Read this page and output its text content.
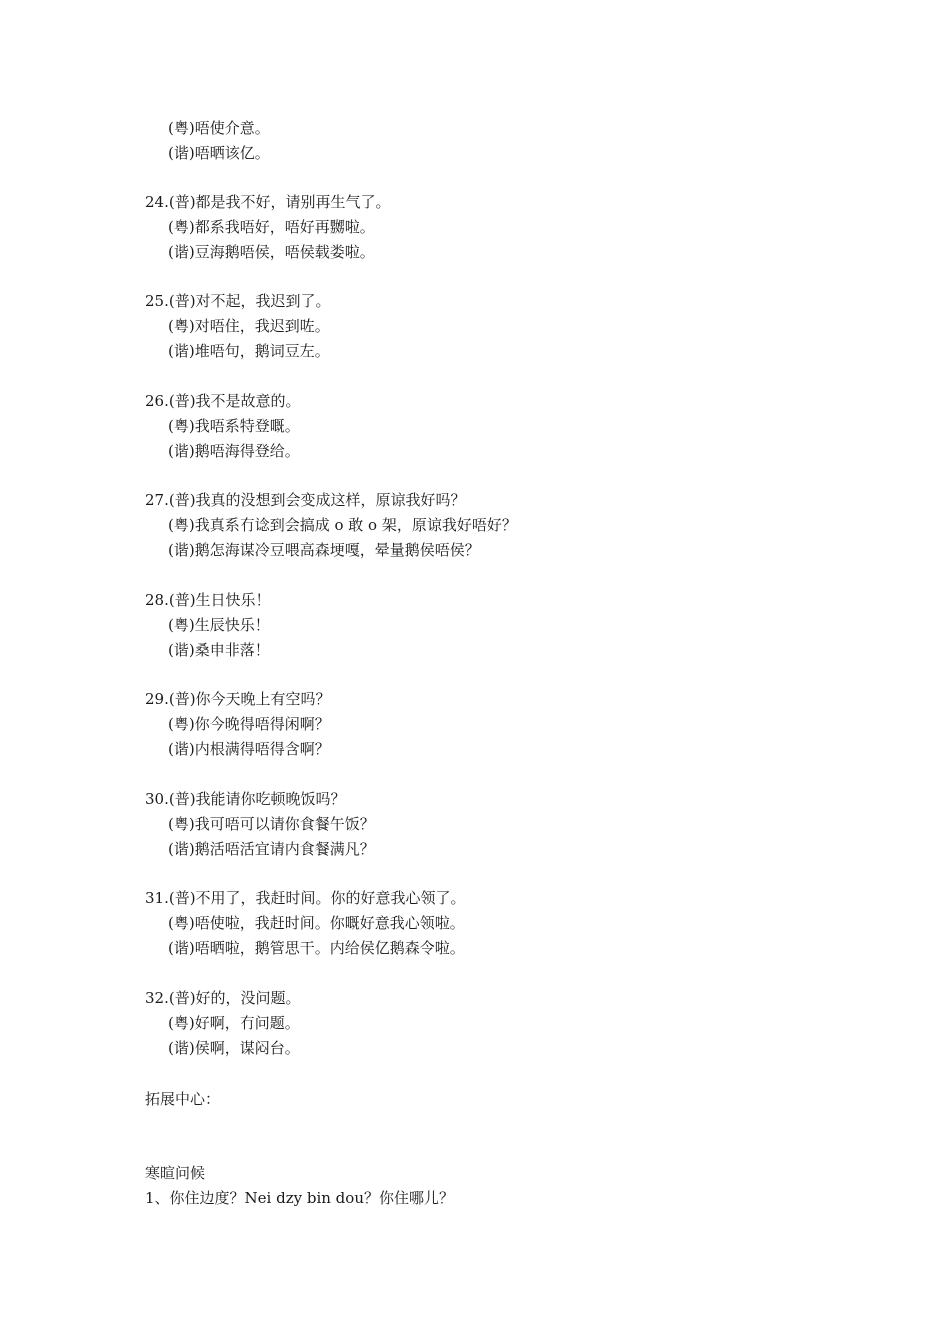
(粤)唔使介意。
(谐)唔晒该亿。
24.(普)都是我不好，请别再生气了。
(粤)都系我唔好，唔好再嬲啦。
(谐)豆海鹅唔侯，唔侯载娄啦。
25.(普)对不起，我迟到了。
(粤)对唔住，我迟到咗。
(谐)堆唔句，鹅词豆左。
26.(普)我不是故意的。
(粤)我唔系特登嘅。
(谐)鹅唔海得登给。
27.(普)我真的没想到会变成这样，原谅我好吗？
(粤)我真系冇谂到会搞成 o 敢 o 架，原谅我好唔好？
(谐)鹅怎海谋冷豆喂高森埂嘎，晕量鹅侯唔侯？
28.(普)生日快乐！
(粤)生辰快乐！
(谐)桑申非落！
29.(普)你今天晚上有空吗？
(粤)你今晚得唔得闲啊？
(谐)内根满得唔得含啊？
30.(普)我能请你吃顿晚饭吗？
(粤)我可唔可以请你食餐午饭？
(谐)鹅活唔活宜请内食餐满凡？
31.(普)不用了，我赶时间。你的好意我心领了。
(粤)唔使啦，我赶时间。你嘅好意我心领啦。
(谐)唔晒啦，鹅管思干。内给侯亿鹅森令啦。
32.(普)好的，没问题。
(粤)好啊，冇问题。
(谐)侯啊，谋闷台。
拓展中心：
寒暄问候
1、你住边度？Nei dzy bin dou？你住哪儿？
